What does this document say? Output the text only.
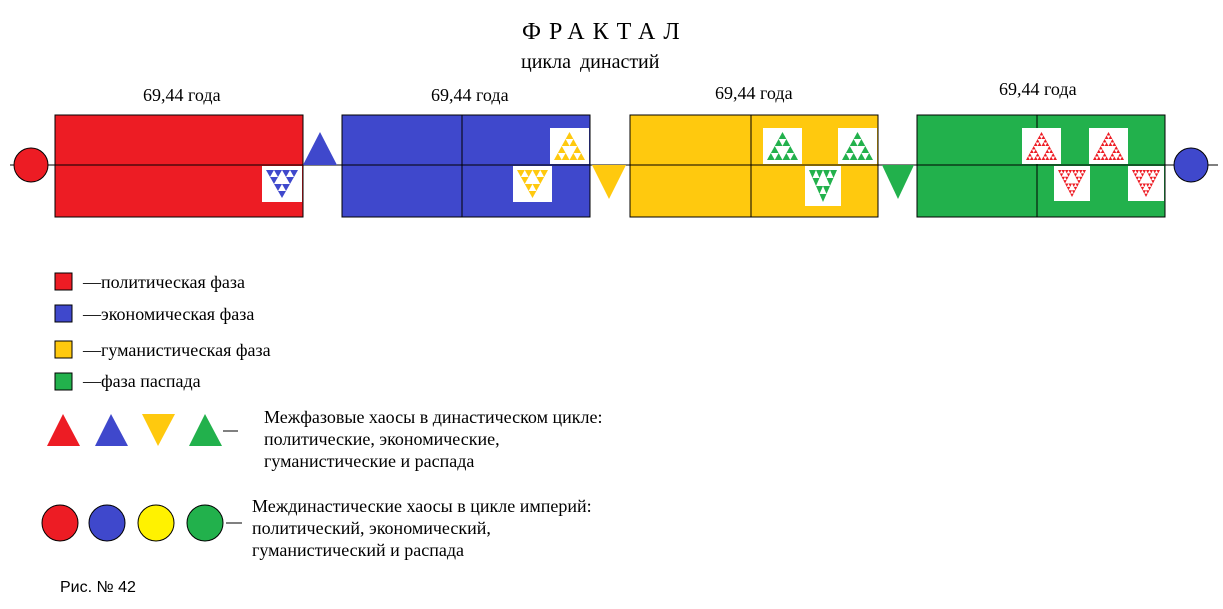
ФРАКТАЛ
цикла династий
69,44 года	69,44 года	69,44 года	69,44 года
—политическая фаза
—экономическая фаза
—гуманистическая фаза
—фаза паспада
Межфазовые хаосы в династическом цикле:
политические, экономические,
гуманистические и распада
Междинастические хаосы в цикле империй:
политический, экономический,
гуманистический и распада
Рис. № 42
